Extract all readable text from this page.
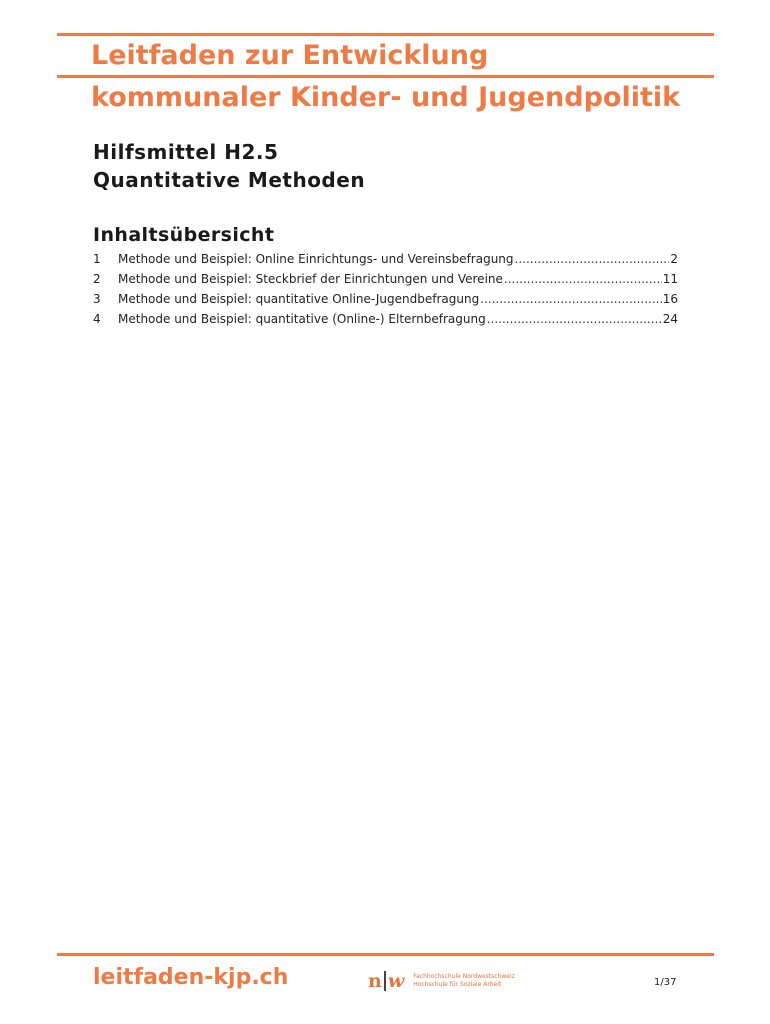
Leitfaden zur Entwicklung
kommunaler Kinder- und Jugendpolitik

Hilfsmittel H2.5

Quantitative Methoden

Inhaltsübersicht
1	Methode und Beispiel: Online Einrichtungs- und Vereinsbefragung .....	2
2	Methode und Beispiel: Steckbrief der Einrichtungen und Vereine .....	11
3	Methode und Beispiel: quantitative Online-Jugendbefragung .....	16
4	Methode und Beispiel: quantitative (Online-) Elternbefragung .....	24

leitfaden-kjp.ch	n w Fachhochschule Nordwestschweiz
Hochschule für Soziale Arbeit	1/37
